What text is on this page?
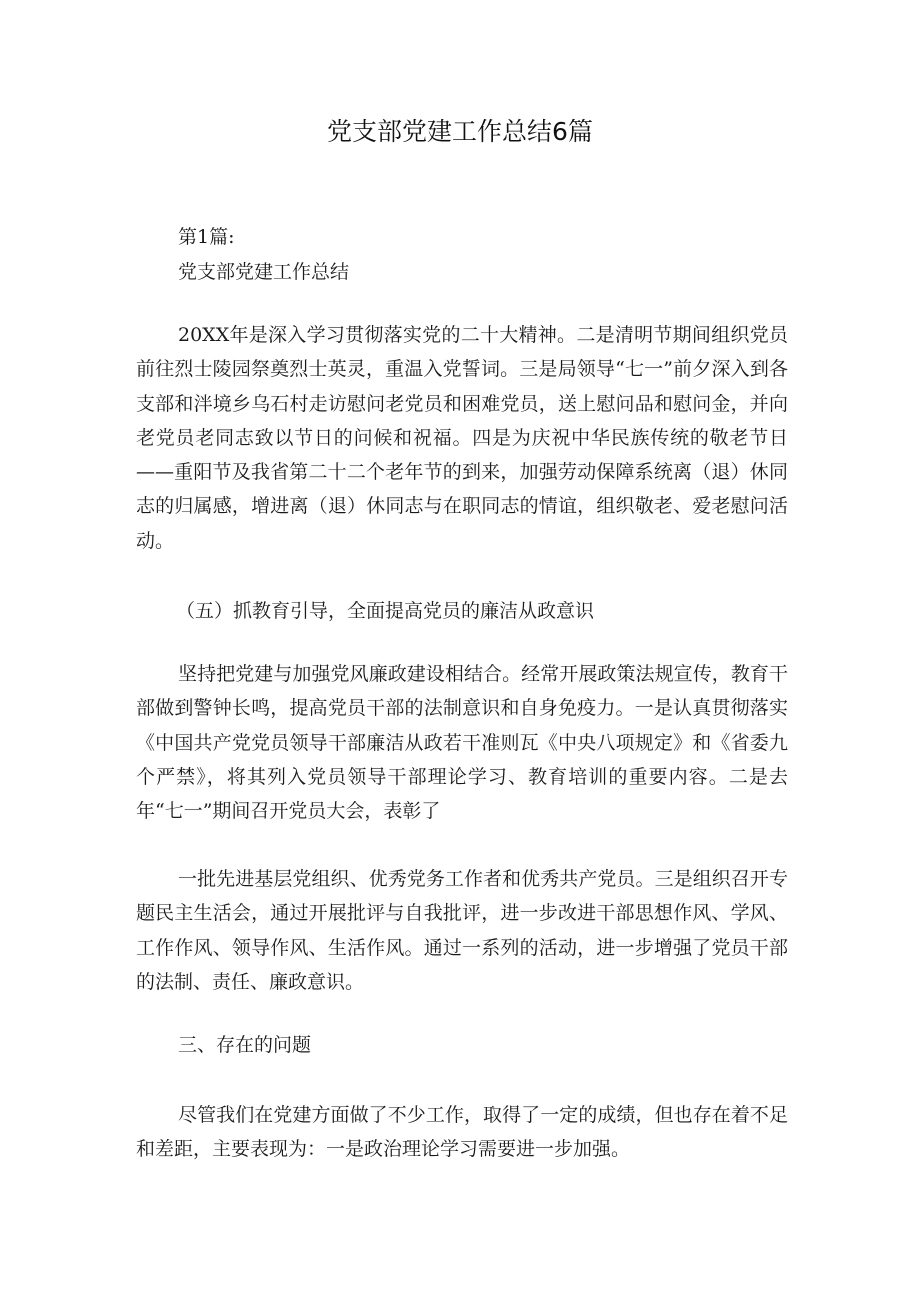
党支部党建工作总结6篇

第1篇:

党支部党建工作总结

20XX年是深入学习贯彻落实党的二十大精神。二是清明节期间组织党员前往烈士陵园祭奠烈士英灵，重温入党誓词。三是局领导“七一”前夕深入到各支部和泮境乡乌石村走访慰问老党员和困难党员，送上慰问品和慰问金，并向老党员老同志致以节日的问候和祝福。四是为庆祝中华民族传统的敬老节日——重阳节及我省第二十二个老年节的到来，加强劳动保障系统离（退）休同志的归属感，增进离（退）休同志与在职同志的情谊，组织敬老、爱老慰问活动。

（五）抓教育引导，全面提高党员的廉洁从政意识

坚持把党建与加强党风廉政建设相结合。经常开展政策法规宣传，教育干部做到警钟长鸣，提高党员干部的法制意识和自身免疫力。一是认真贯彻落实《中国共产党党员领导干部廉洁从政若干准则瓦《中央八项规定》和《省委九个严禁》，将其列入党员领导干部理论学习、教育培训的重要内容。二是去年“七一”期间召开党员大会，表彰了

一批先进基层党组织、优秀党务工作者和优秀共产党员。三是组织召开专题民主生活会，通过开展批评与自我批评，进一步改进干部思想作风、学风、工作作风、领导作风、生活作风。通过一系列的活动，进一步增强了党员干部的法制、责任、廉政意识。

三、存在的问题

尽管我们在党建方面做了不少工作，取得了一定的成绩，但也存在着不足和差距，主要表现为：一是政治理论学习需要进一步加强。
